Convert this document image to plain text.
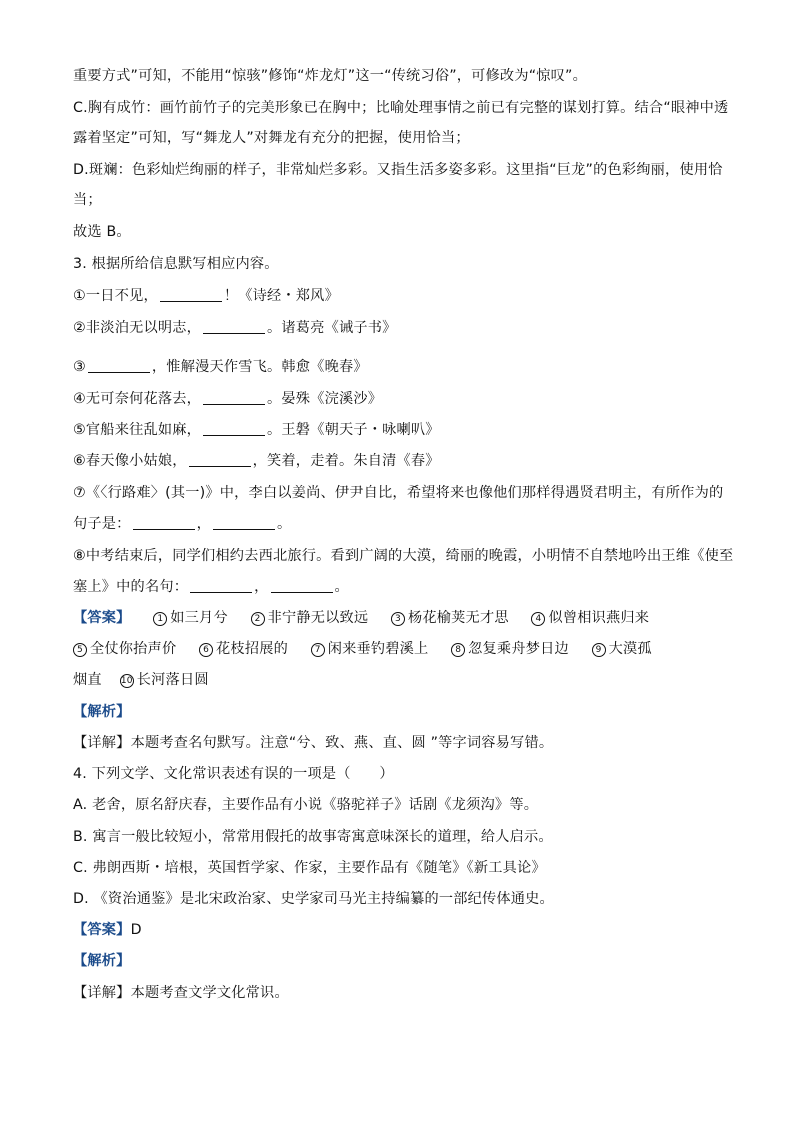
重要方式”可知，不能用“惊骇”修饰“炸龙灯”这一“传统习俗”，可修改为“惊叹”。
C.胸有成竹：画竹前竹子的完美形象已在胸中；比喻处理事情之前已有完整的谋划打算。结合“眼神中透
露着坚定”可知，写“舞龙人”对舞龙有充分的把握，使用恰当；
D.斑斓：色彩灿烂绚丽的样子，非常灿烂多彩。又指生活多姿多彩。这里指“巨龙”的色彩绚丽，使用恰
当；
故选 B。
3. 根据所给信息默写相应内容。
①一日不见，	！《诗经・郑风》
②非淡泊无以明志，	。诸葛亮《诫子书》
③	，惟解漫天作雪飞。韩愈《晚春》
④无可奈何花落去，	。晏殊《浣溪沙》
⑤官船来往乱如麻，	。王磐《朝天子・咏喇叭》
⑥春天像小姑娘，	，笑着，走着。朱自清《春》
⑦《〈行路难〉(其一)》中，李白以姜尚、伊尹自比，希望将来也像他们那样得遇贤君明主，有所作为的
句子是：	，	。
⑧中考结束后，同学们相约去西北旅行。看到广阔的大漠，绮丽的晚霞，小明情不自禁地吟出王维《使至
塞上》中的名句：	，	。
【答案】	1 如三月兮	2 非宁静无以致远	3 杨花榆荚无才思	4 似曾相识燕归来
5 全仗你抬声价	6 花枝招展的	7 闲来垂钓碧溪上	8 忽复乘舟梦日边	9 大漠孤
烟直 10 长河落日圆
【解析】
【详解】本题考查名句默写。注意“兮、致、燕、直、圆 ”等字词容易写错。
4. 下列文学、文化常识表述有误的一项是（　　）
A. 老舍，原名舒庆春，主要作品有小说《骆驼祥子》话剧《龙须沟》等。
B. 寓言一般比较短小，常常用假托的故事寄寓意味深长的道理，给人启示。
C. 弗朗西斯・培根，英国哲学家、作家，主要作品有《随笔》《新工具论》
D. 《资治通鉴》是北宋政治家、史学家司马光主持编纂的一部纪传体通史。
【答案】D
【解析】
【详解】本题考查文学文化常识。
